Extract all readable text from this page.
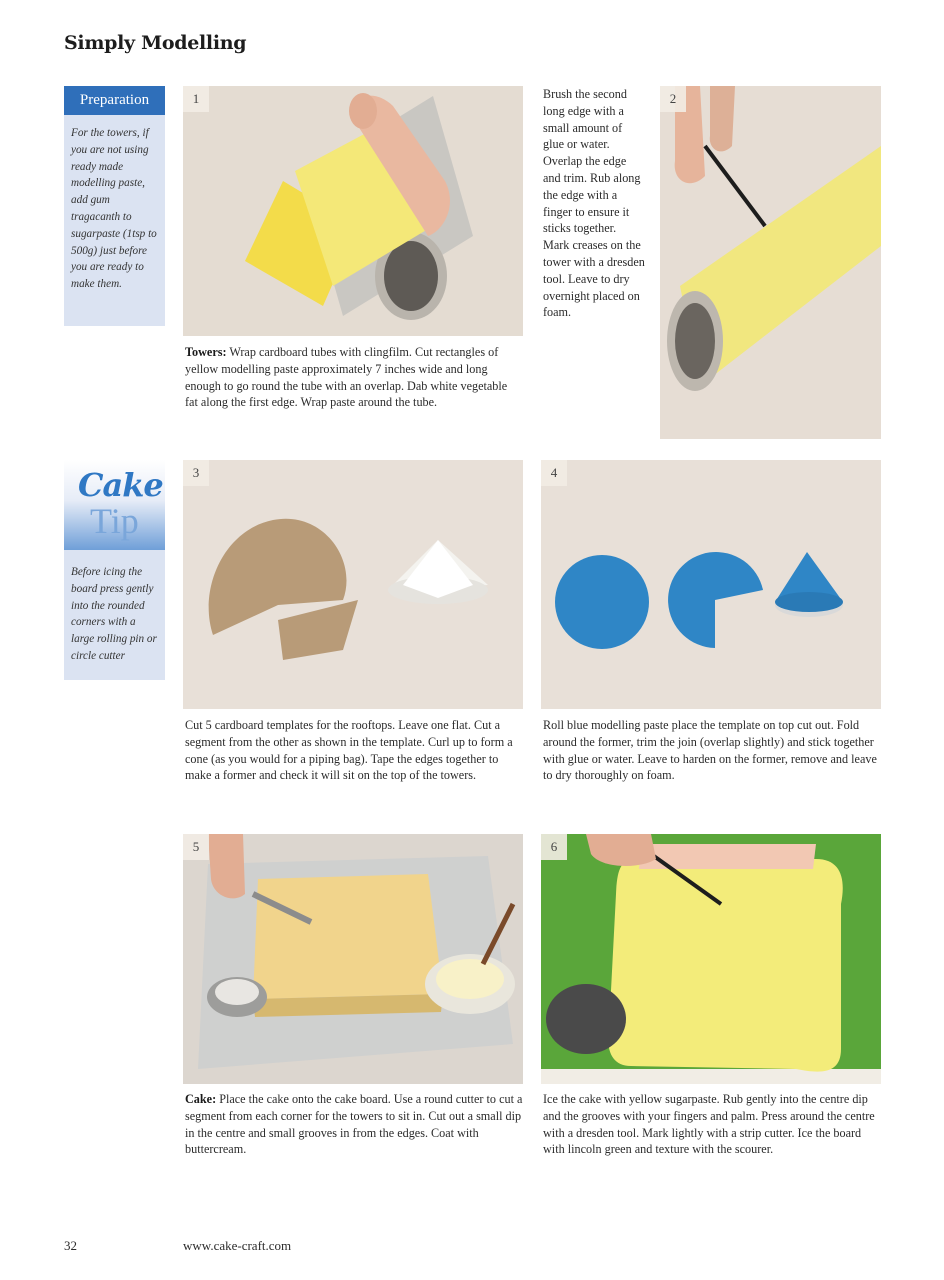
Simply Modelling
Preparation
For the towers, if you are not using ready made modelling paste, add gum tragacanth to sugarpaste (1tsp to 500g) just before you are ready to make them.
1
Towers: Wrap cardboard tubes with clingfilm. Cut rectangles of yellow modelling paste approximately 7 inches wide and long enough to go round the tube with an overlap. Dab white vegetable fat along the first edge. Wrap paste around the tube.
Brush the second long edge with a small amount of glue or water. Overlap the edge and trim. Rub along the edge with a finger to ensure it sticks together. Mark creases on the tower with a dresden tool. Leave to dry overnight placed on foam.
2
Cake
Tip
Before icing the board press gently into the rounded corners with a large rolling pin or circle cutter
3	4
Cut 5 cardboard templates for the rooftops. Leave one flat. Cut a segment from the other as shown in the template. Curl up to form a cone (as you would for a piping bag). Tape the edges together to make a former and check it will sit on the top of the towers.
Roll blue modelling paste place the template on top cut out. Fold around the former, trim the join (overlap slightly) and stick together with glue or water. Leave to harden on the former, remove and leave to dry thoroughly on foam.
5	6
Cake: Place the cake onto the cake board. Use a round cutter to cut a segment from each corner for the towers to sit in. Cut out a small dip in the centre and small grooves in from the edges. Coat with buttercream.
Ice the cake with yellow sugarpaste. Rub gently into the centre dip and the grooves with your fingers and palm. Press around the centre with a dresden tool. Mark lightly with a strip cutter. Ice the board with lincoln green and texture with the scourer.
32	www.cake-craft.com
